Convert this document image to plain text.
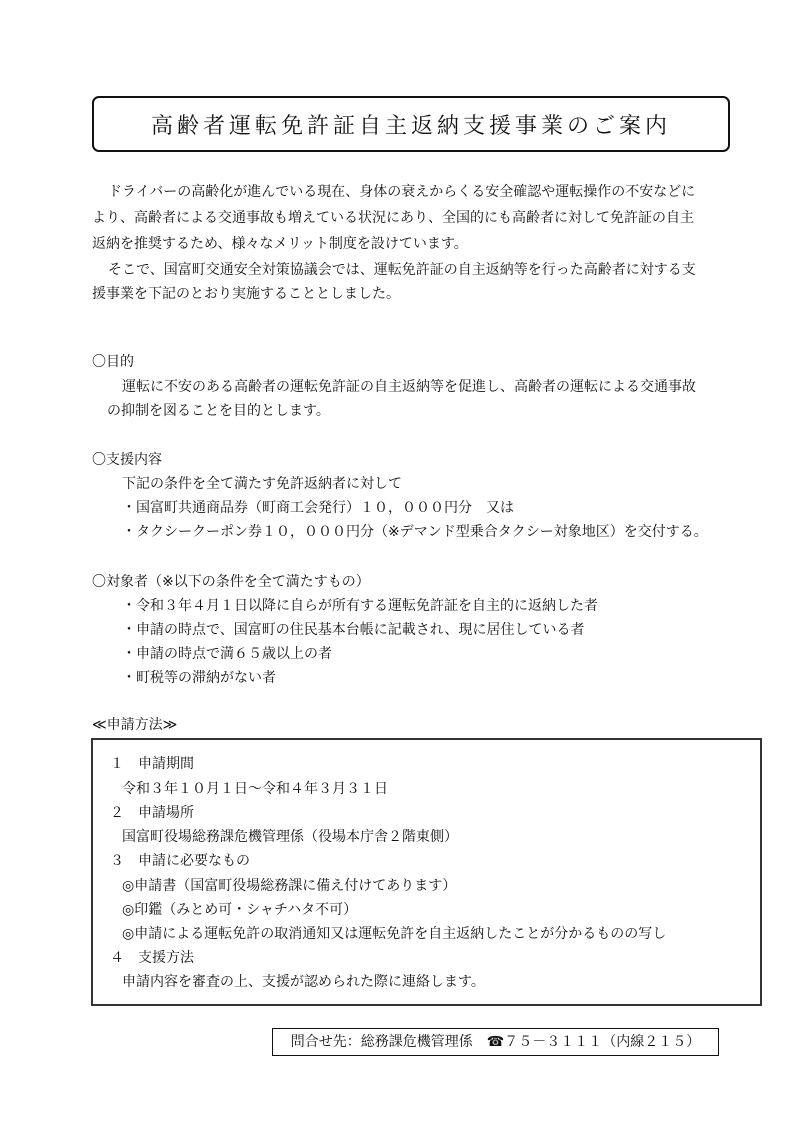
高齢者運転免許証自主返納支援事業のご案内
ドライバーの高齢化が進んでいる現在、身体の衰えからくる安全確認や運転操作の不安などに
より、高齢者による交通事故も増えている状況にあり、全国的にも高齢者に対して免許証の自主
返納を推奨するため、様々なメリット制度を設けています。
そこで、国富町交通安全対策協議会では、運転免許証の自主返納等を行った高齢者に対する支
援事業を下記のとおり実施することとしました。
〇目的
運転に不安のある高齢者の運転免許証の自主返納等を促進し、高齢者の運転による交通事故
の抑制を図ることを目的とします。
〇支援内容
下記の条件を全て満たす免許返納者に対して
・国富町共通商品券（町商工会発行）１０，０００円分　又は
・タクシークーポン券１０，０００円分（※デマンド型乗合タクシー対象地区）を交付する。
〇対象者（※以下の条件を全て満たすもの）
・令和３年４月１日以降に自らが所有する運転免許証を自主的に返納した者
・申請の時点で、国富町の住民基本台帳に記載され、現に居住している者
・申請の時点で満６５歳以上の者
・町税等の滞納がない者
≪申請方法≫
１　申請期間
令和３年１０月１日～令和４年３月３１日
２　申請場所
国富町役場総務課危機管理係（役場本庁舎２階東側）
３　申請に必要なもの
◎申請書（国富町役場総務課に備え付けてあります）
◎印鑑（みとめ可・シャチハタ不可）
◎申請による運転免許の取消通知又は運転免許を自主返納したことが分かるものの写し
４　支援方法
申請内容を審査の上、支援が認められた際に連絡します。
問合せ先：総務課危機管理係　☎７５－３１１１（内線２１５）
